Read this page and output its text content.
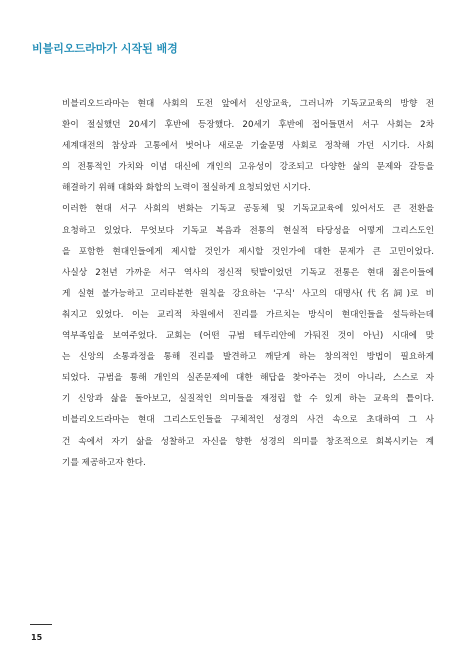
비블리오드라마가 시작된 배경
비블리오드라마는 현대 사회의 도전 앞에서 신앙교육, 그러니까 기독교교육의 방향 전
환이 절실했던 20세기 후반에 등장했다. 20세기 후반에 접어들면서 서구 사회는 2차
세계대전의 참상과 고통에서 벗어나 새로운 기술문명 사회로 정착해 가던 시기다. 사회
의 전통적인 가치와 이념 대신에 개인의 고유성이 강조되고 다양한 삶의 문제와 갈등을
해결하기 위해 대화와 화합의 노력이 절실하게 요청되었던 시기다.
이러한 현대 서구 사회의 변화는 기독교 공동체 및 기독교교육에 있어서도 큰 전환을
요청하고 있었다. 무엇보다 기독교 복음과 전통의 현실적 타당성을 어떻게 그리스도인
을 포함한 현대인들에게 제시할 것인가 제시할 것인가에 대한 문제가 큰 고민이었다.
사실상 2천년 가까운 서구 역사의 정신적 텃밭이었던 기독교 전통은 현대 젊은이들에
게 실현 불가능하고 고리타분한 원칙을 강요하는 '구식' 사고의 대명사(代名詞)로 비
춰지고 있었다. 이는 교리적 차원에서 진리를 가르치는 방식이 현대인들을 설득하는데
역부족임을 보여주었다. 교회는 (어떤 규범 테두리안에 가둬진 것이 아닌) 시대에 맞
는 신앙의 소통과정을 통해 진리를 발견하고 깨닫게 하는 창의적인 방법이 필요하게
되었다. 규범을 통해 개인의 실존문제에 대한 해답을 찾아주는 것이 아니라, 스스로 자
기 신앙과 삶을 돌아보고, 실질적인 의미들을 재정립 할 수 있게 하는 교육의 틀이다.
비블리오드라마는 현대 그리스도인들을 구체적인 성경의 사건 속으로 초대하여 그 사
건 속에서 자기 삶을 성찰하고 자신을 향한 성경의 의미를 창조적으로 회복시키는 계
기를 제공하고자 한다.
15
